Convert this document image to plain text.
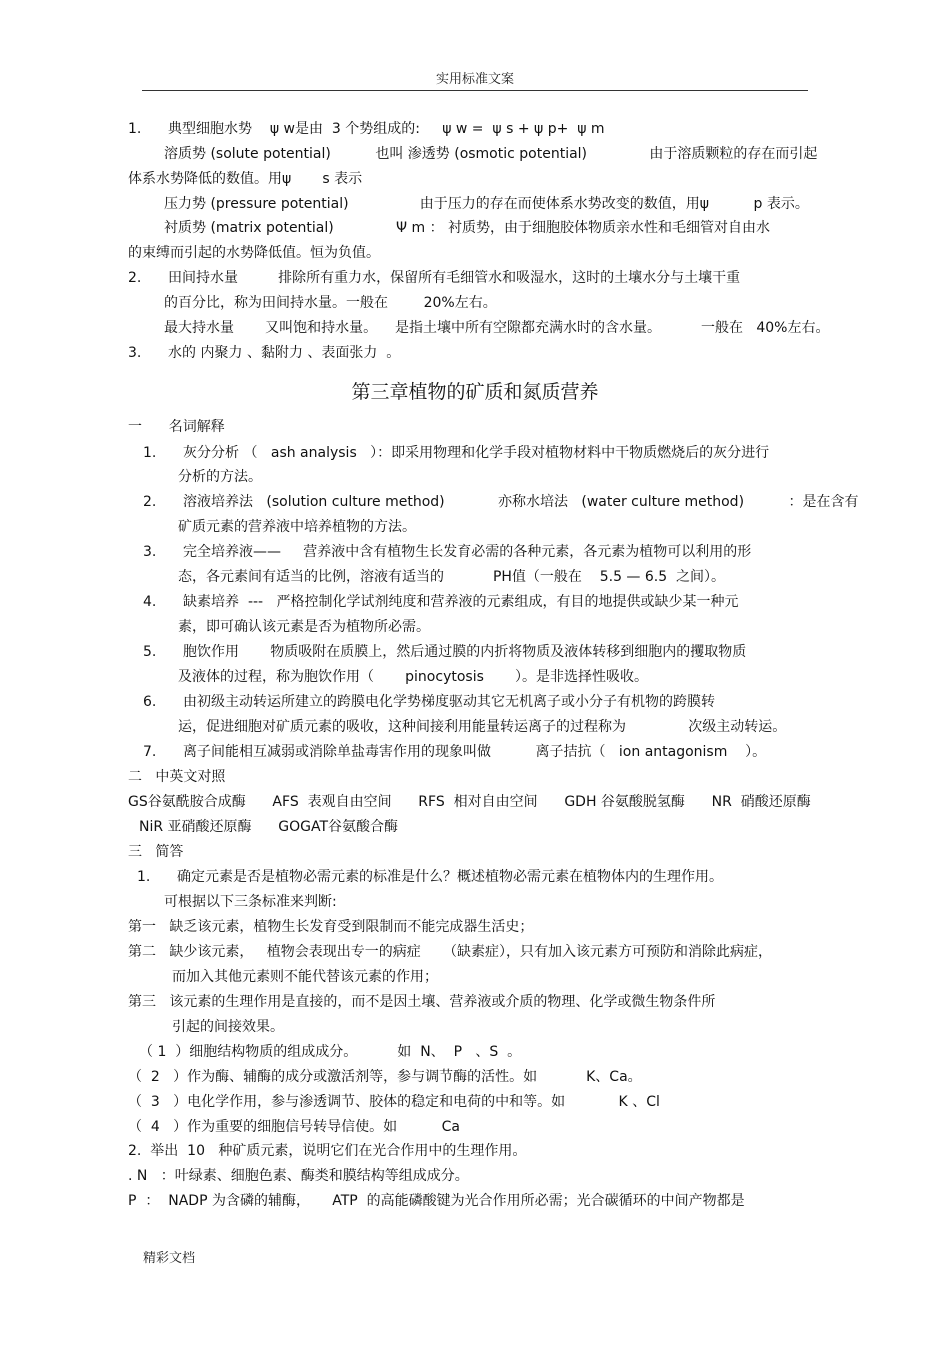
实用标准文案
1.      典型细胞水势    ψ w是由  3 个势组成的:     ψ w =  ψ s + ψ p+  ψ m
溶质势 (solute potential)          也叫 渗透势 (osmotic potential)              由于溶质颗粒的存在而引起
体系水势降低的数值。用ψ       s 表示
压力势 (pressure potential)                由于压力的存在而使体系水势改变的数值，用ψ          p 表示。
衬质势 (matrix potential)              Ψ m ： 衬质势，由于细胞胶体物质亲水性和毛细管对自由水
的束缚而引起的水势降低值。恒为负值。
2.      田间持水量         排除所有重力水，保留所有毛细管水和吸湿水，这时的土壤水分与土壤干重
的百分比，称为田间持水量。一般在        20%左右。
最大持水量       又叫饱和持水量。    是指土壤中所有空隙都充满水时的含水量。         一般在   40%左右。
3.      水的 内聚力 、黏附力 、表面张力  。
第三章植物的矿质和氮质营养
一      名词解释
1.      灰分分析 （   ash analysis   ）：即采用物理和化学手段对植物材料中干物质燃烧后的灰分进行
分析的方法。
2.      溶液培养法   (solution culture method)            亦称水培法   (water culture method)          ：是在含有
矿质元素的营养液中培养植物的方法。
3.      完全培养液——     营养液中含有植物生长发育必需的各种元素，各元素为植物可以利用的形
态，各元素间有适当的比例，溶液有适当的           PH值（一般在    5.5 — 6.5  之间）。
4.      缺素培养  ---   严格控制化学试剂纯度和营养液的元素组成，有目的地提供或缺少某一种元
素，即可确认该元素是否为植物所必需。
5.      胞饮作用       物质吸附在质膜上，然后通过膜的内折将物质及液体转移到细胞内的攫取物质
及液体的过程，称为胞饮作用（       pinocytosis       ）。是非选择性吸收。
6.      由初级主动转运所建立的跨膜电化学势梯度驱动其它无机离子或小分子有机物的跨膜转
运，促进细胞对矿质元素的吸收，这种间接利用能量转运离子的过程称为              次级主动转运。
7.      离子间能相互减弱或消除单盐毒害作用的现象叫做          离子拮抗（   ion antagonism    ）。
二   中英文对照
GS谷氨酰胺合成酶      AFS  表观自由空间      RFS  相对自由空间      GDH 谷氨酸脱氢酶      NR  硝酸还原酶
NiR 亚硝酸还原酶      GOGAT谷氨酸合酶
三   简答
1.      确定元素是否是植物必需元素的标准是什么？概述植物必需元素在植物体内的生理作用。
可根据以下三条标准来判断:
第一   缺乏该元素，植物生长发育受到限制而不能完成器生活史；
第二   缺少该元素，   植物会表现出专一的病症     （缺素症），只有加入该元素方可预防和消除此病症，
而加入其他元素则不能代替该元素的作用；
第三   该元素的生理作用是直接的，而不是因土壤、营养液或介质的物理、化学或微生物条件所
引起的间接效果。
（ 1  ）细胞结构物质的组成成分。         如  N、  P   、S  。
（  2   ）作为酶、辅酶的成分或激活剂等，参与调节酶的活性。如           K、Ca。
（  3   ）电化学作用，参与渗透调节、胶体的稳定和电荷的中和等。如            K 、Cl
（  4   ）作为重要的细胞信号转导信使。如          Ca
2.  举出  10   种矿质元素，说明它们在光合作用中的生理作用。
. N   ：叶绿素、细胞色素、酶类和膜结构等组成成分。
P  ：  NADP 为含磷的辅酶，     ATP  的高能磷酸键为光合作用所必需；光合碳循环的中间产物都是
精彩文档
